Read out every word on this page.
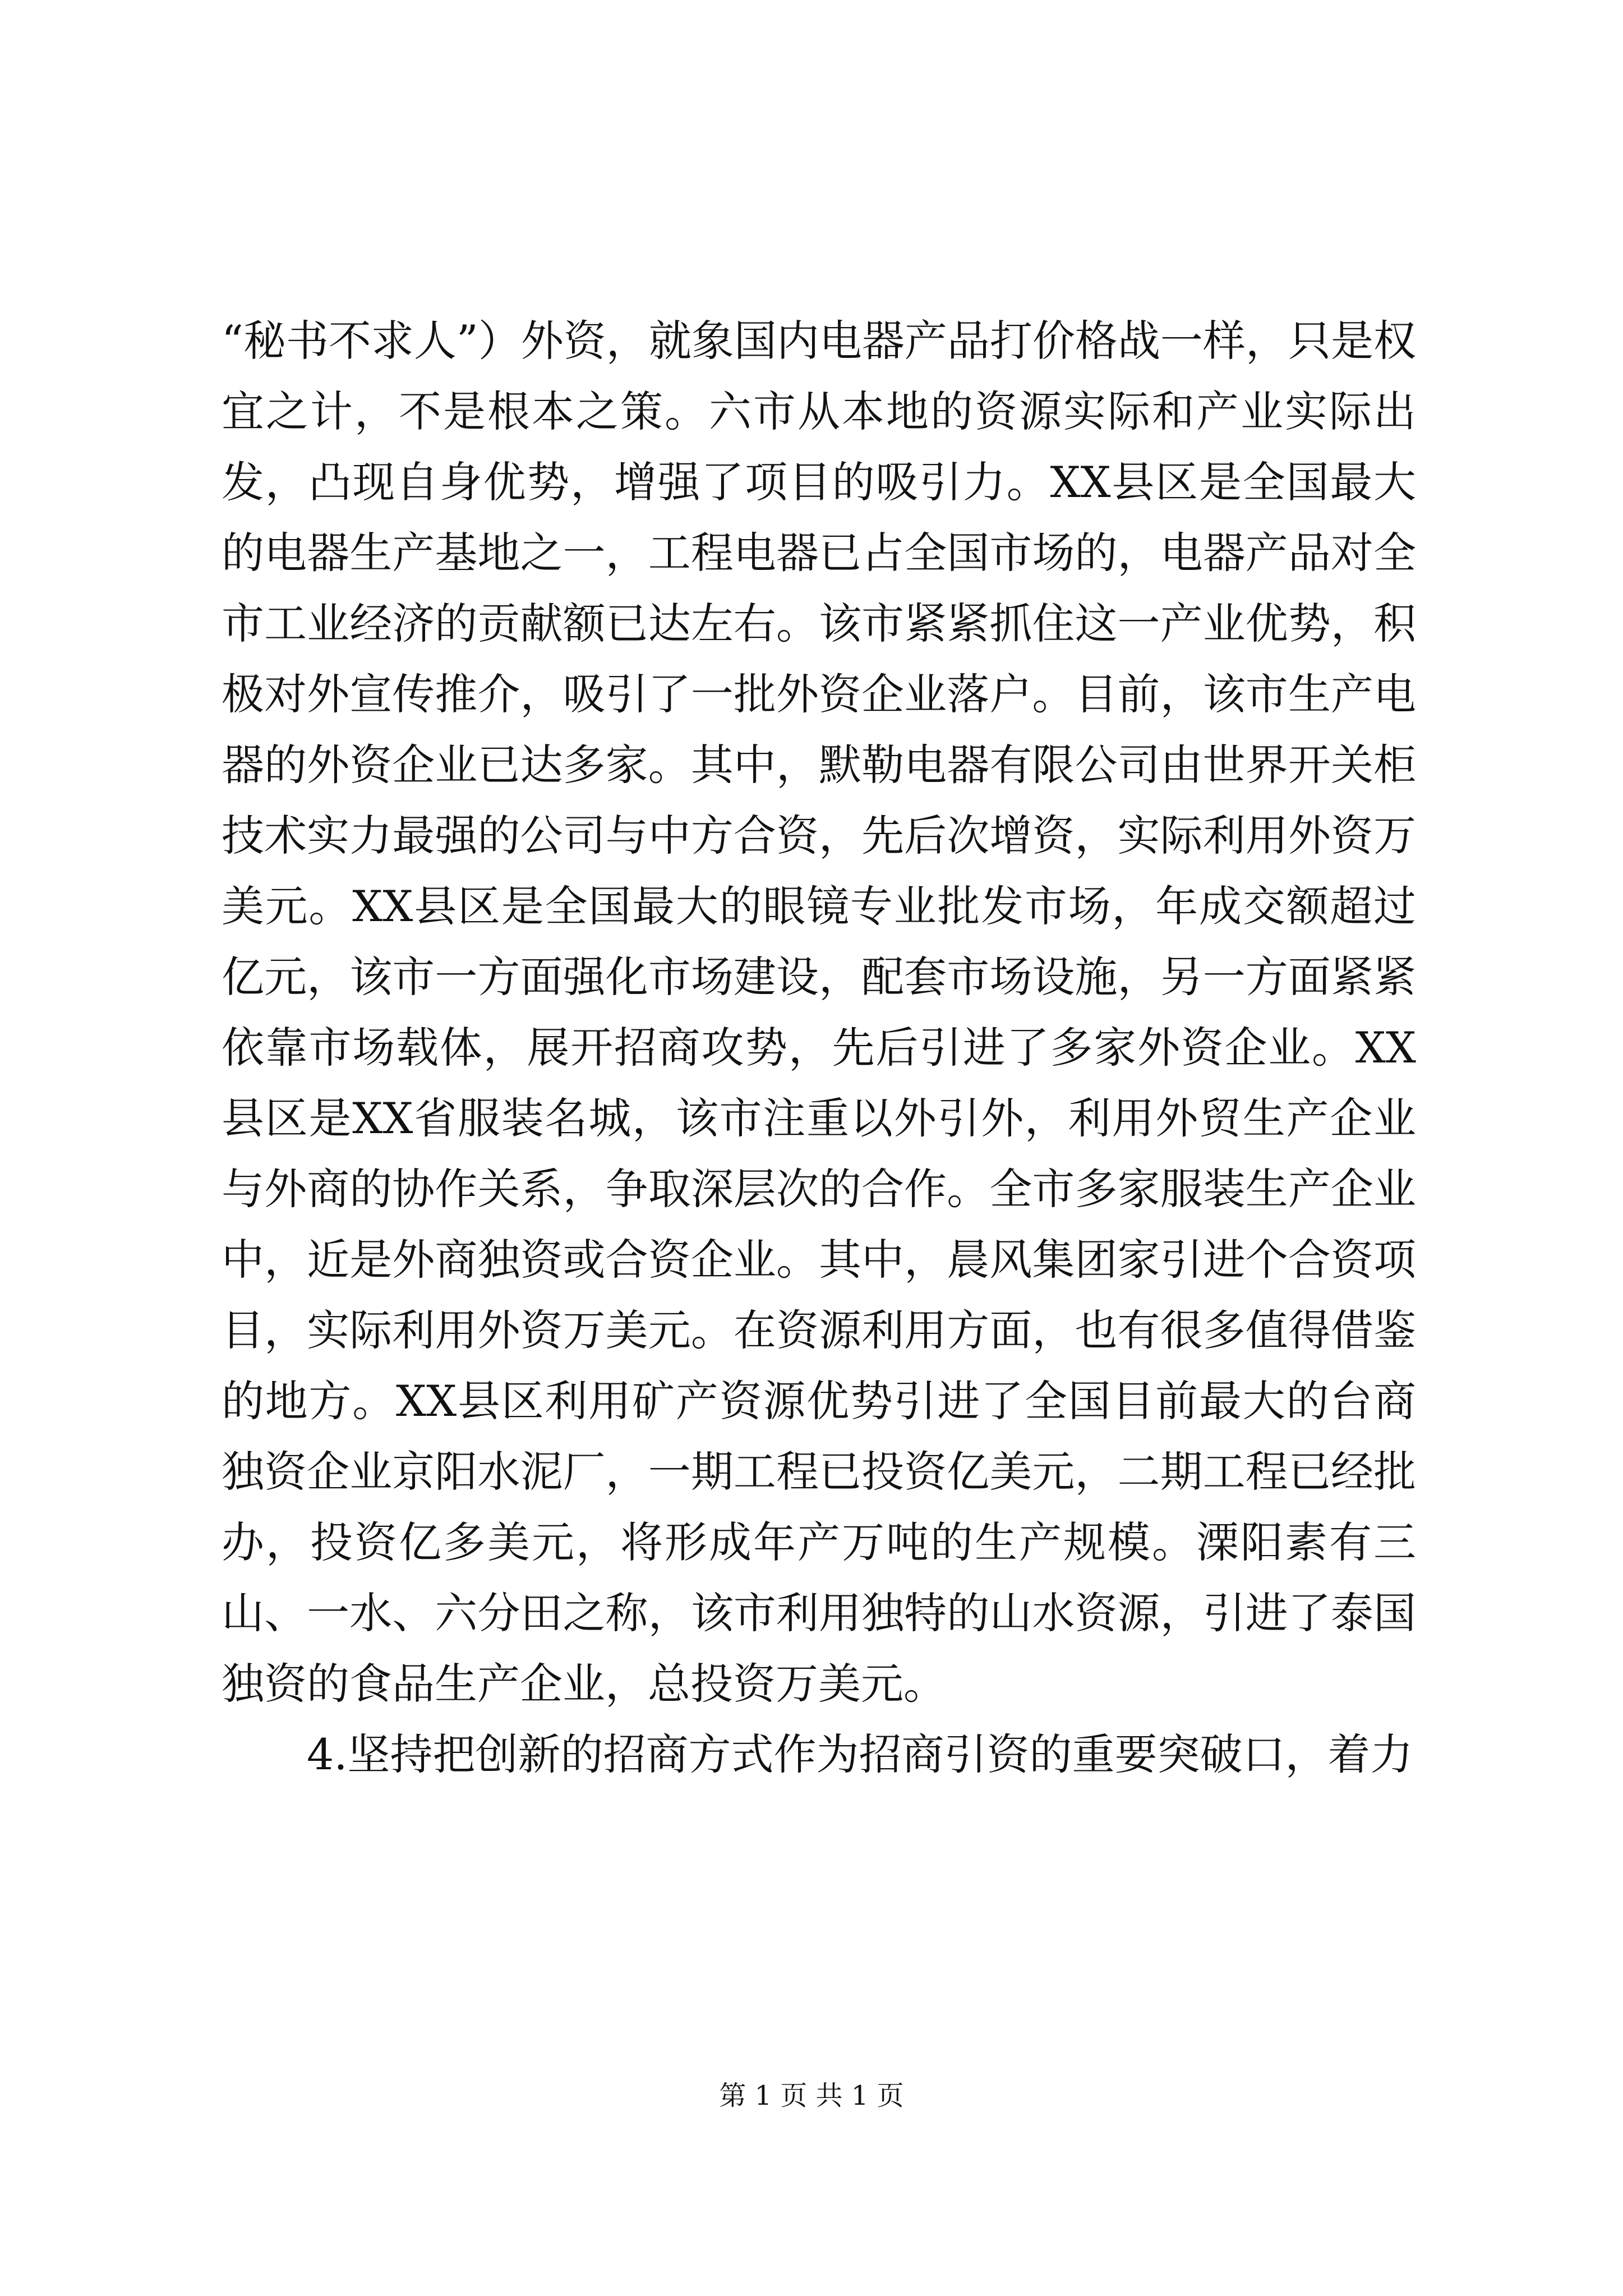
“秘书不求人”）外资，就象国内电器产品打价格战一样，只是权宜之计，不是根本之策。六市从本地的资源实际和产业实际出发，凸现自身优势，增强了项目的吸引力。XX县区是全国最大的电器生产基地之一，工程电器已占全国市场的，电器产品对全市工业经济的贡献额已达左右。该市紧紧抓住这一产业优势，积极对外宣传推介，吸引了一批外资企业落户。目前，该市生产电器的外资企业已达多家。其中，默勒电器有限公司由世界开关柜技术实力最强的公司与中方合资，先后次增资，实际利用外资万美元。XX县区是全国最大的眼镜专业批发市场，年成交额超过亿元，该市一方面强化市场建设，配套市场设施，另一方面紧紧依靠市场载体，展开招商攻势，先后引进了多家外资企业。XX县区是XX省服装名城，该市注重以外引外，利用外贸生产企业与外商的协作关系，争取深层次的合作。全市多家服装生产企业中，近是外商独资或合资企业。其中，晨风集团家引进个合资项目，实际利用外资万美元。在资源利用方面，也有很多值得借鉴的地方。XX县区利用矿产资源优势引进了全国目前最大的台商独资企业京阳水泥厂，一期工程已投资亿美元，二期工程已经批办，投资亿多美元，将形成年产万吨的生产规模。溧阳素有三山、一水、六分田之称，该市利用独特的山水资源，引进了泰国独资的食品生产企业，总投资万美元。

4.坚持把创新的招商方式作为招商引资的重要突破口，着力

第 1 页 共 1 页
